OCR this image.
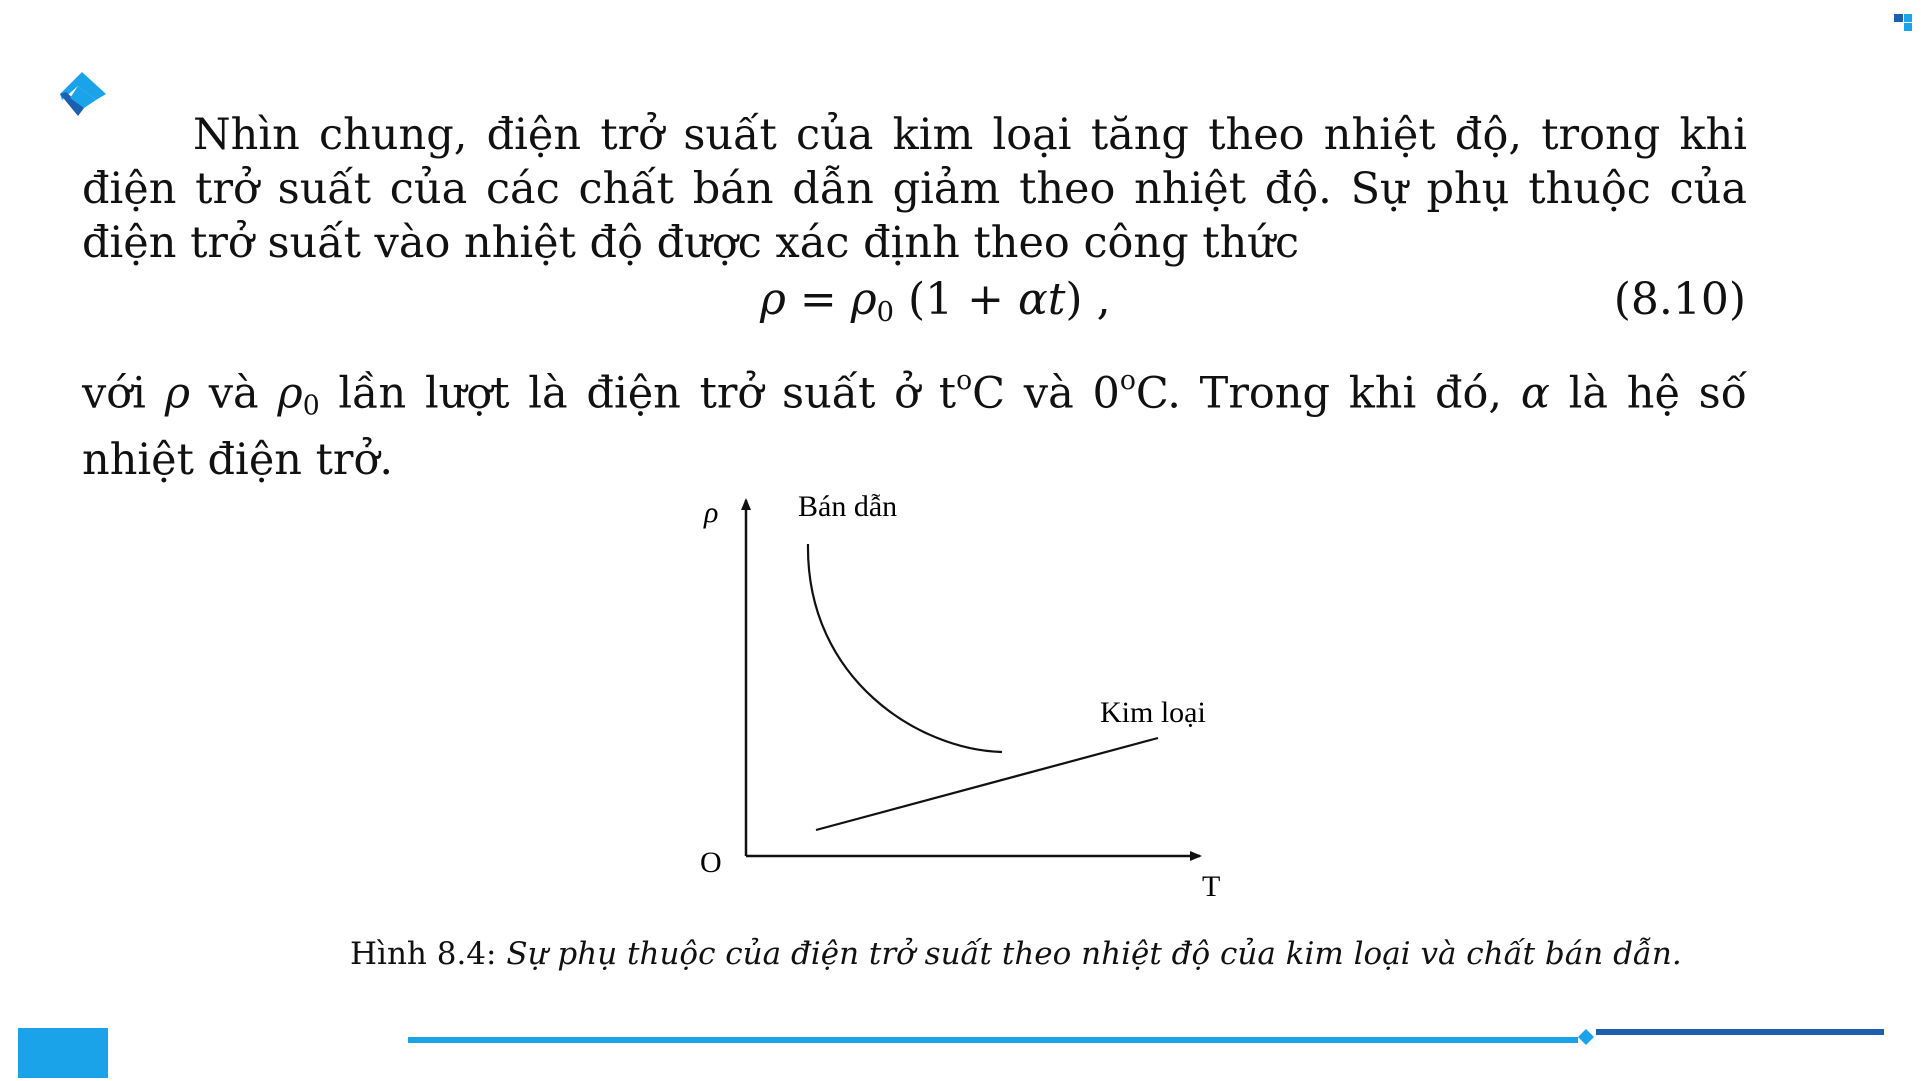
Nhìn chung, điện trở suất của kim loại tăng theo nhiệt độ, trong khi điện trở suất của các chất bán dẫn giảm theo nhiệt độ. Sự phụ thuộc của điện trở suất vào nhiệt độ được xác định theo công thức
$\rho = \rho_0$ (1 + αt) ,	(8.10)
với ρ và $\rho_0$ lần lượt là điện trở suất ở $t^oC$ và 0$^o$C. Trong khi đó, α là hệ số nhiệt điện trở.
ρ
O
T
Bán dẫn
Kim loại
Hình 8.4: Sự phụ thuộc của điện trở suất theo nhiệt độ của kim loại và chất bán dẫn.
